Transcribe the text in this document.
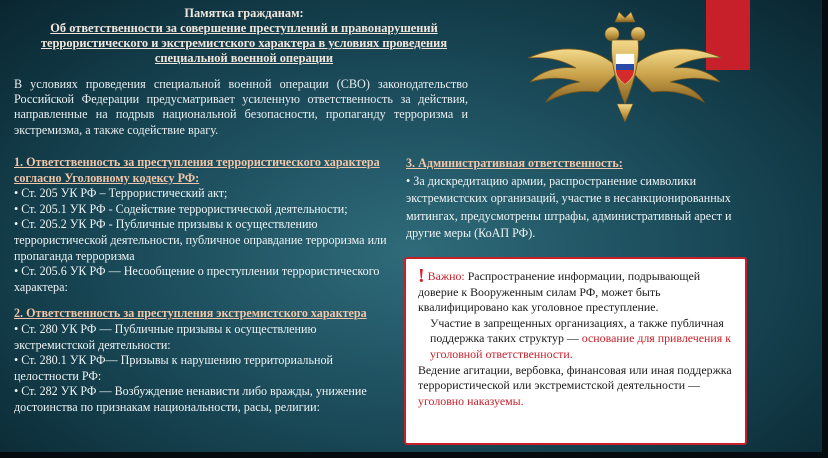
Памятка гражданам:
Об ответственности за совершение преступлений и правонарушений террористического и экстремистского характера в условиях проведения специальной военной операции
В условиях проведения специальной военной операции (СВО) законодательство Российской Федерации предусматривает усиленную ответственность за действия, направленные на подрыв национальной безопасности, пропаганду терроризма и экстремизма, а также содействие врагу.
1. Ответственность за преступления террористического характера согласно Уголовному кодексу РФ:
• Ст. 205 УК РФ – Террористический акт;
• Ст. 205.1 УК РФ - Содействие террористической деятельности;
• Ст. 205.2 УК РФ - Публичные призывы к осуществлению террористической деятельности, публичное оправдание терроризма или пропаганда терроризма
• Ст. 205.6 УК РФ — Несообщение о преступлении террористического характера:
2. Ответственность за преступления экстремистского характера
• Ст. 280 УК РФ — Публичные призывы к осуществлению экстремистской деятельности:
• Ст. 280.1 УК РФ— Призывы к нарушению территориальной целостности РФ:
• Ст. 282 УК РФ — Возбуждение ненависти либо вражды, унижение достоинства по признакам национальности, расы, религии:
3. Административная ответственность:
• За дискредитацию армии, распространение символики экстремистских организаций, участие в несанкционированных митингах, предусмотрены штрафы, административный арест и другие меры (КоАП РФ).
! Важно: Распространение информации, подрывающей доверие к Вооруженным силам РФ, может быть квалифицировано как уголовное преступление.
Участие в запрещенных организациях, а также публичная поддержка таких структур — основание для привлечения к уголовной ответственности.
Ведение агитации, вербовка, финансовая или иная поддержка террористической или экстремистской деятельности — уголовно наказуемы.
